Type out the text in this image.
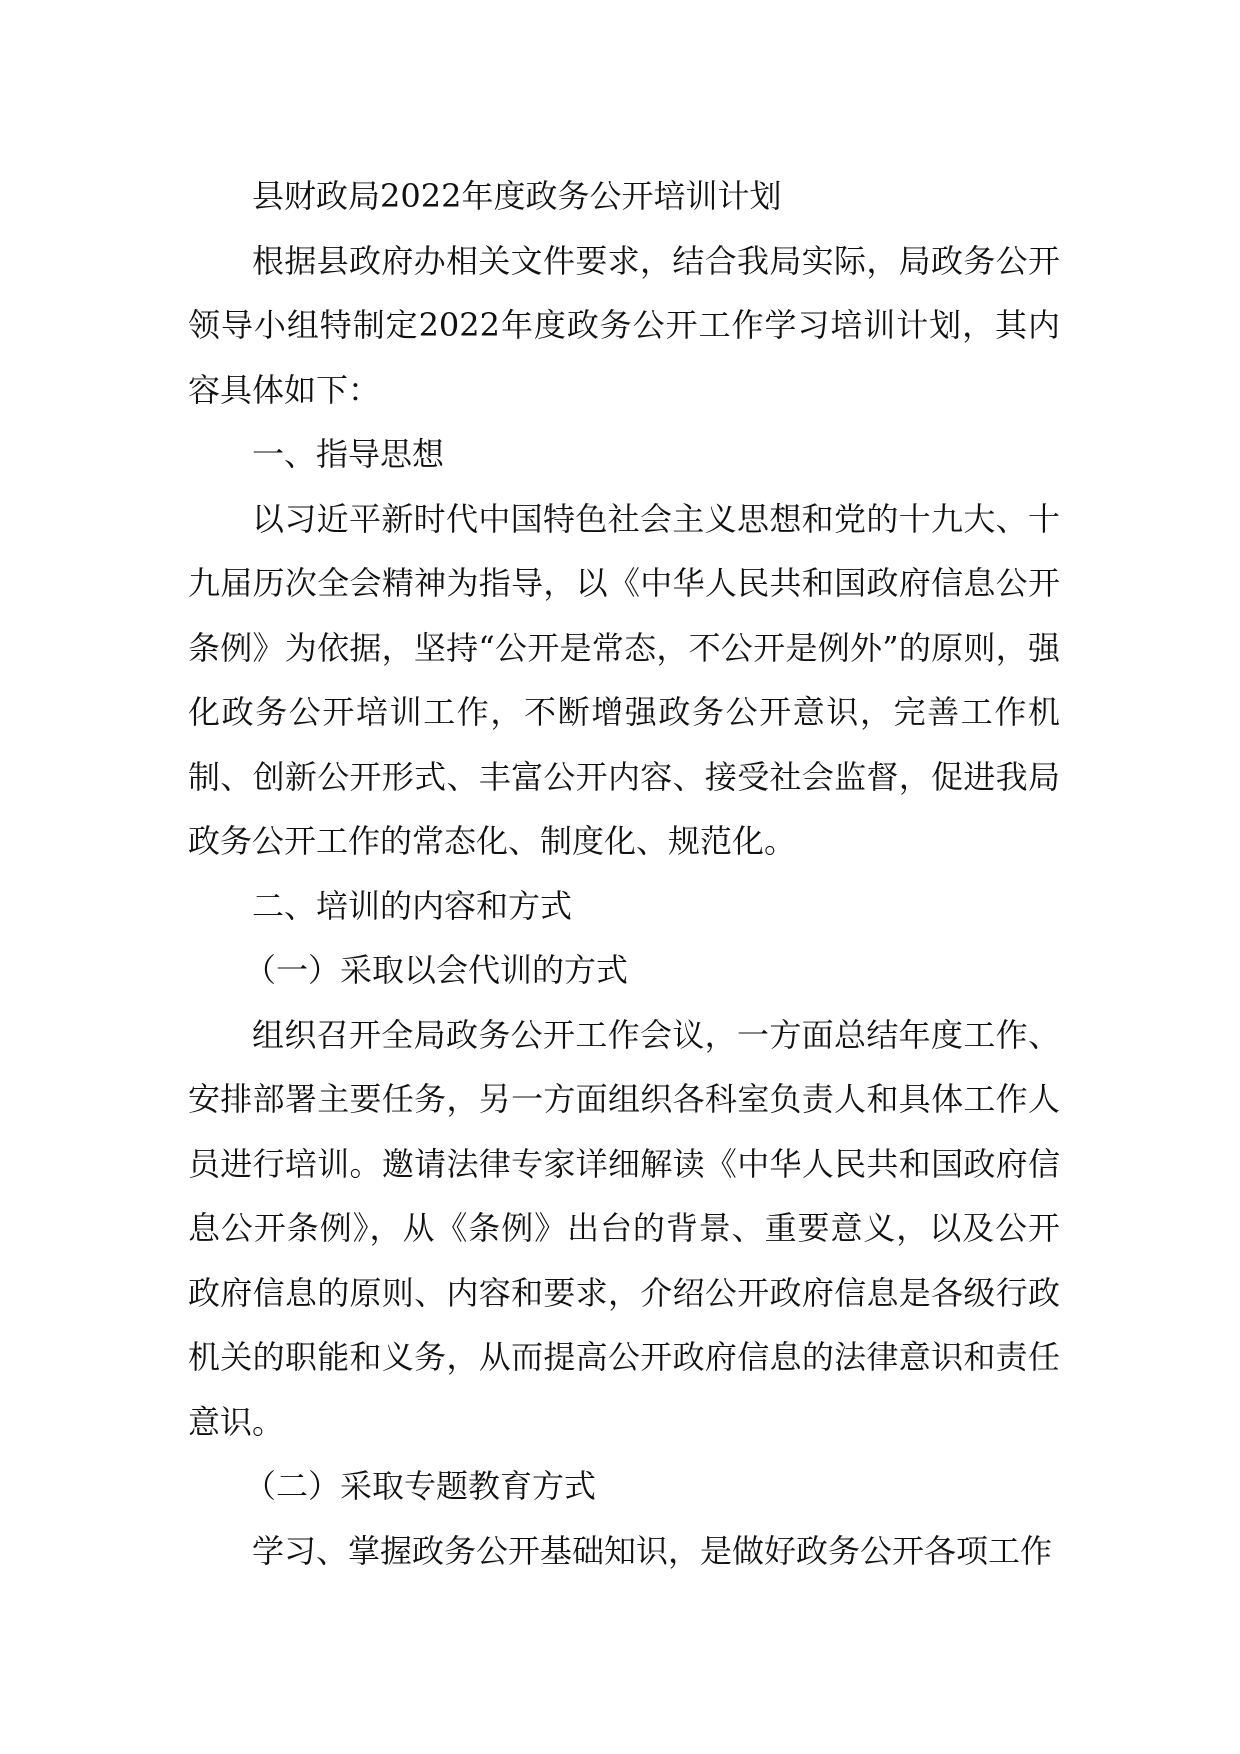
县财政局2022年度政务公开培训计划

根据县政府办相关文件要求，结合我局实际，局政务公开领导小组特制定2022年度政务公开工作学习培训计划，其内容具体如下：

一、指导思想

以习近平新时代中国特色社会主义思想和党的十九大、十九届历次全会精神为指导，以《中华人民共和国政府信息公开条例》为依据，坚持“公开是常态，不公开是例外”的原则，强化政务公开培训工作，不断增强政务公开意识，完善工作机制、创新公开形式、丰富公开内容、接受社会监督，促进我局政务公开工作的常态化、制度化、规范化。

二、培训的内容和方式

（一）采取以会代训的方式

组织召开全局政务公开工作会议，一方面总结年度工作、安排部署主要任务，另一方面组织各科室负责人和具体工作人员进行培训。邀请法律专家详细解读《中华人民共和国政府信息公开条例》，从《条例》出台的背景、重要意义，以及公开政府信息的原则、内容和要求，介绍公开政府信息是各级行政机关的职能和义务，从而提高公开政府信息的法律意识和责任意识。

（二）采取专题教育方式

学习、掌握政务公开基础知识，是做好政务公开各项工作
